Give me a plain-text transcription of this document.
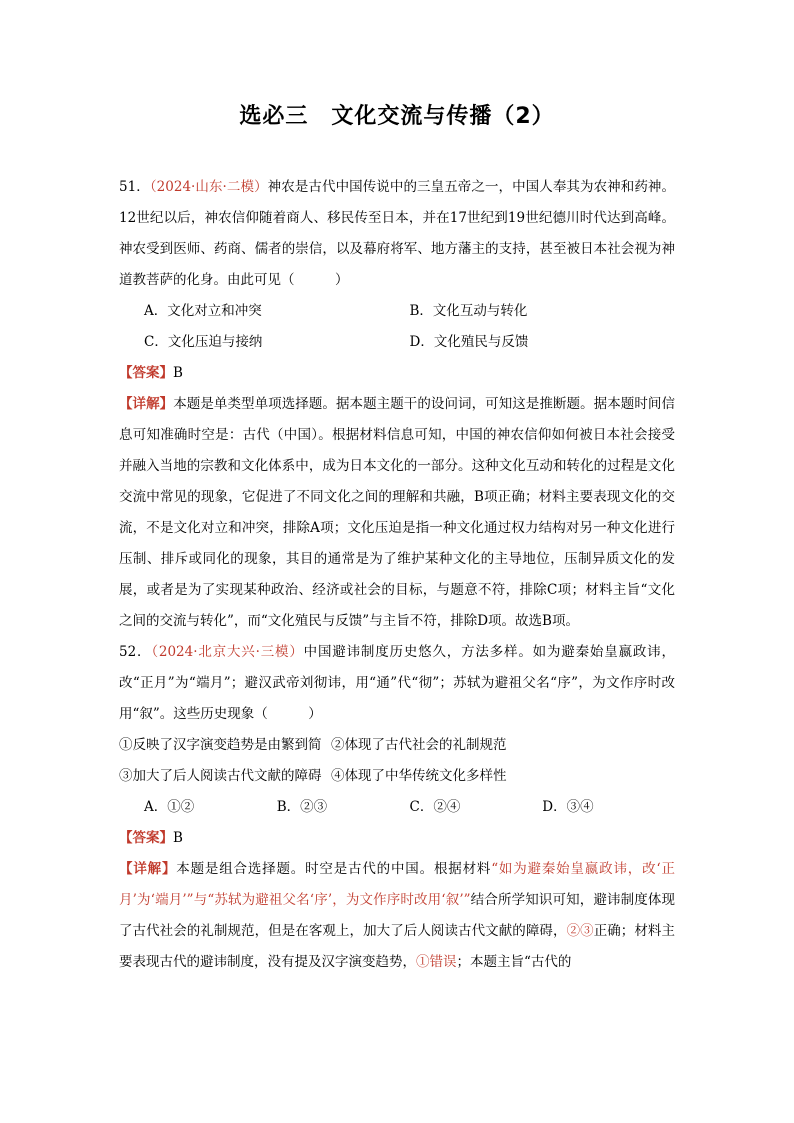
选必三　文化交流与传播（2）

51．（2024·山东·二模）神农是古代中国传说中的三皇五帝之一，中国人奉其为农神和药神。12世纪以后，神农信仰随着商人、移民传至日本，并在17世纪到19世纪德川时代达到高峰。神农受到医师、药商、儒者的崇信，以及幕府将军、地方藩主的支持，甚至被日本社会视为神道教菩萨的化身。由此可见（　　　）

A．文化对立和冲突	B．文化互动与转化
C．文化压迫与接纳	D．文化殖民与反馈

【答案】B

【详解】本题是单类型单项选择题。据本题主题干的设问词，可知这是推断题。据本题时间信息可知准确时空是：古代（中国）。根据材料信息可知，中国的神农信仰如何被日本社会接受并融入当地的宗教和文化体系中，成为日本文化的一部分。这种文化互动和转化的过程是文化交流中常见的现象，它促进了不同文化之间的理解和共融，B项正确；材料主要表现文化的交流，不是文化对立和冲突，排除A项；文化压迫是指一种文化通过权力结构对另一种文化进行压制、排斥或同化的现象，其目的通常是为了维护某种文化的主导地位，压制异质文化的发展，或者是为了实现某种政治、经济或社会的目标，与题意不符，排除C项；材料主旨“文化之间的交流与转化”，而“文化殖民与反馈”与主旨不符，排除D项。故选B项。

52．（2024·北京大兴·三模）中国避讳制度历史悠久，方法多样。如为避秦始皇嬴政讳，改“正月”为“端月”；避汉武帝刘彻讳，用“通”代“彻”；苏轼为避祖父名“序”，为文作序时改用“叙”。这些历史现象（　　　）

①反映了汉字演变趋势是由繁到简 ②体现了古代社会的礼制规范
③加大了后人阅读古代文献的障碍 ④体现了中华传统文化多样性
A．①②	B．②③	C．②④	D．③④

【答案】B

【详解】本题是组合选择题。时空是古代的中国。根据材料“如为避秦始皇嬴政讳，改‘正月’为‘端月’”与“苏轼为避祖父名‘序’，为文作序时改用‘叙’”结合所学知识可知，避讳制度体现了古代社会的礼制规范，但是在客观上，加大了后人阅读古代文献的障碍，②③正确；材料主要表现古代的避讳制度，没有提及汉字演变趋势，①错误；本题主旨“古代的
